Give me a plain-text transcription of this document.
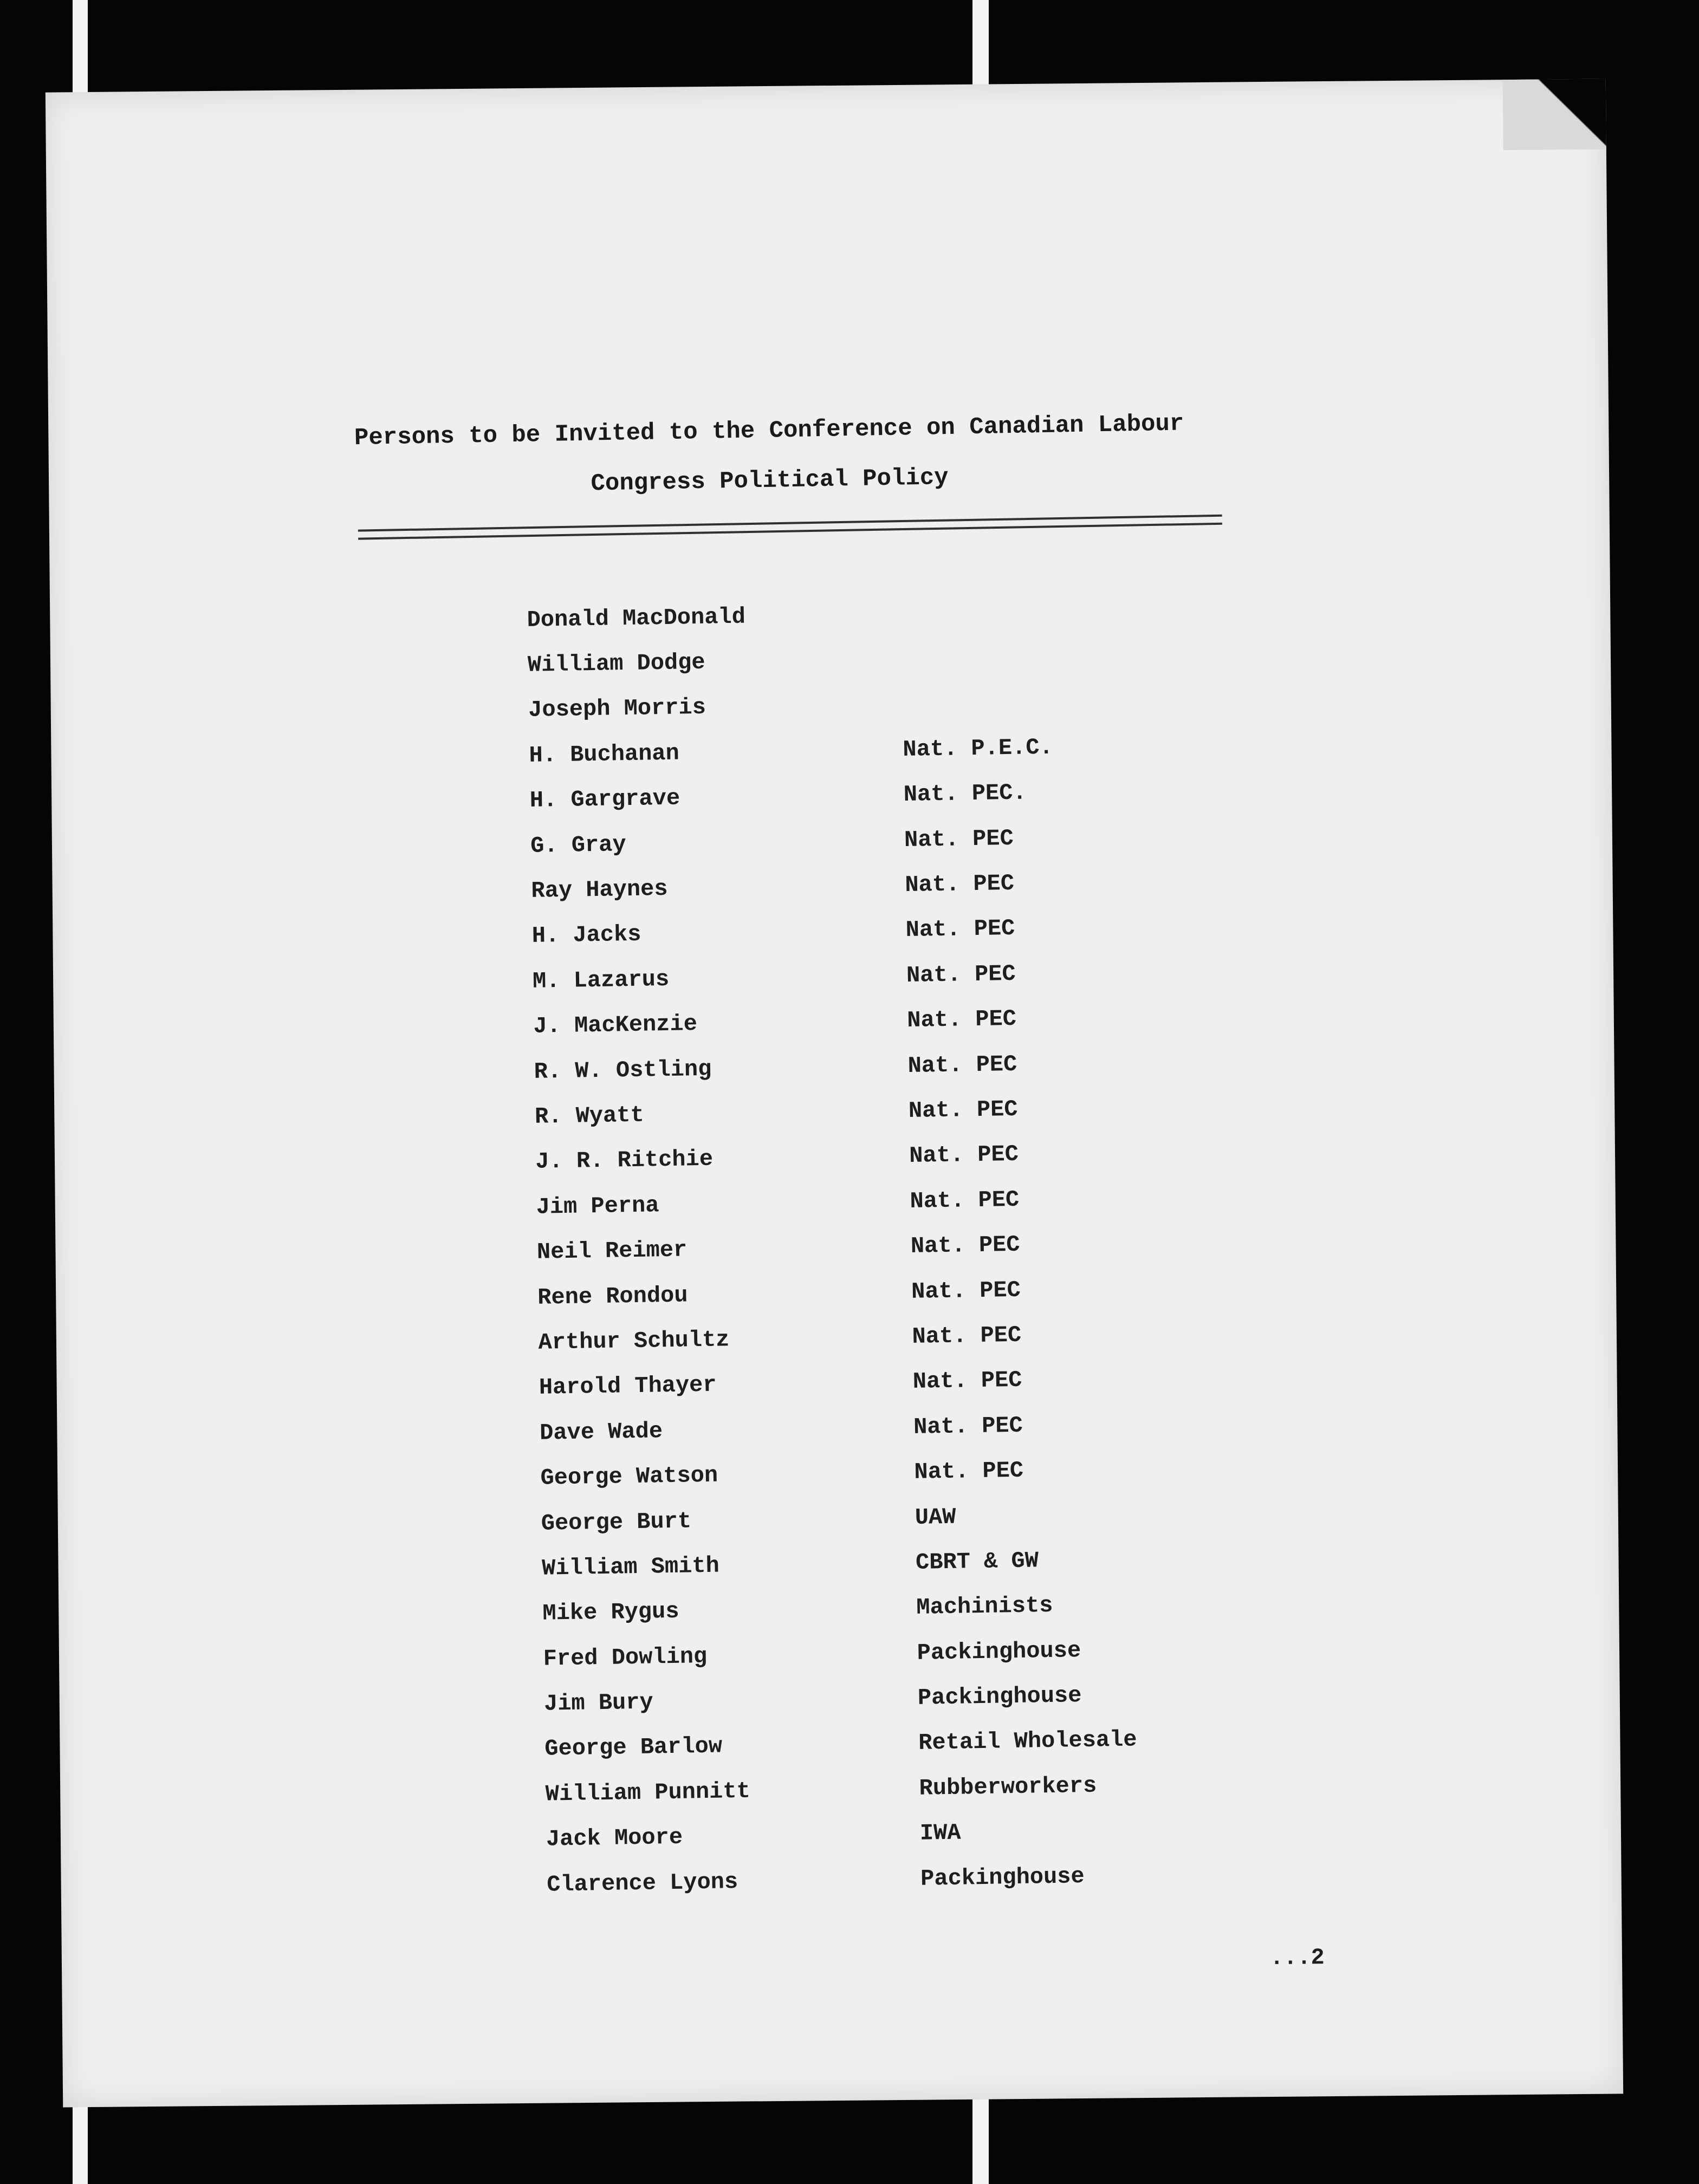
Persons to be Invited to the Conference on Canadian Labour
Congress Political Policy
Donald MacDonald
William Dodge
Joseph Morris
H. Buchanan	Nat. P.E.C.
H. Gargrave	Nat. PEC.
G. Gray	Nat. PEC
Ray Haynes	Nat. PEC
H. Jacks	Nat. PEC
M. Lazarus	Nat. PEC
J. MacKenzie	Nat. PEC
R. W. Ostling	Nat. PEC
R. Wyatt	Nat. PEC
J. R. Ritchie	Nat. PEC
Jim Perna	Nat. PEC
Neil Reimer	Nat. PEC
Rene Rondou	Nat. PEC
Arthur Schultz	Nat. PEC
Harold Thayer	Nat. PEC
Dave Wade	Nat. PEC
George Watson	Nat. PEC
George Burt	UAW
William Smith	CBRT & GW
Mike Rygus	Machinists
Fred Dowling	Packinghouse
Jim Bury	Packinghouse
George Barlow	Retail Wholesale
William Punnitt	Rubberworkers
Jack Moore	IWA
Clarence Lyons	Packinghouse
...2
